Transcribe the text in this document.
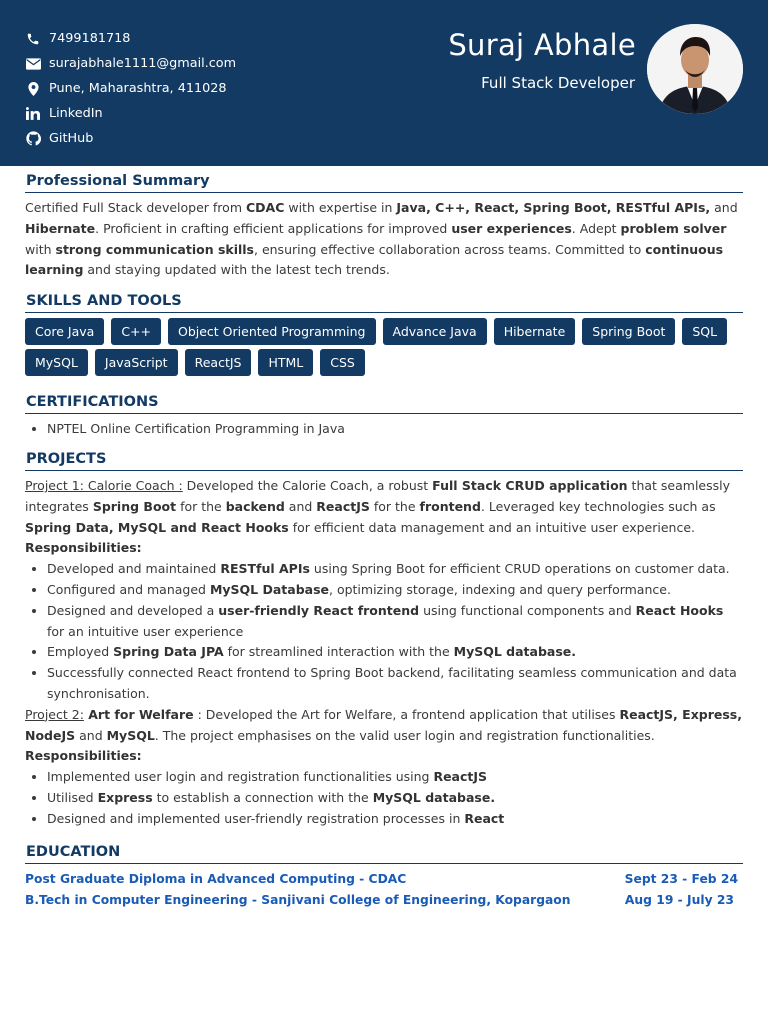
7499181718
surajabhale1111@gmail.com
Pune, Maharashtra, 411028
LinkedIn
GitHub
Suraj Abhale
Full Stack Developer
Professional Summary
Certified Full Stack developer from CDAC with expertise in Java, C++, React, Spring Boot, RESTful APIs, and Hibernate. Proficient in crafting efficient applications for improved user experiences. Adept problem solver with strong communication skills, ensuring effective collaboration across teams. Committed to continuous learning and staying updated with the latest tech trends.
SKILLS AND TOOLS
Core Java	C++	Object Oriented Programming	Advance Java	Hibernate	Spring Boot	SQL
MySQL	JavaScript	ReactJS	HTML	CSS
CERTIFICATIONS
• NPTEL Online Certification Programming in Java
PROJECTS
Project 1: Calorie Coach : Developed the Calorie Coach, a robust Full Stack CRUD application that seamlessly integrates Spring Boot for the backend and ReactJS for the frontend. Leveraged key technologies such as Spring Data, MySQL and React Hooks for efficient data management and an intuitive user experience.
Responsibilities:
• Developed and maintained RESTful APIs using Spring Boot for efficient CRUD operations on customer data.
• Configured and managed MySQL Database, optimizing storage, indexing and query performance.
• Designed and developed a user-friendly React frontend using functional components and React Hooks for an intuitive user experience
• Employed Spring Data JPA for streamlined interaction with the MySQL database.
• Successfully connected React frontend to Spring Boot backend, facilitating seamless communication and data synchronisation.
Project 2: Art for Welfare : Developed the Art for Welfare, a frontend application that utilises ReactJS, Express, NodeJS and MySQL. The project emphasises on the valid user login and registration functionalities.
Responsibilities:
• Implemented user login and registration functionalities using ReactJS
• Utilised Express to establish a connection with the MySQL database.
• Designed and implemented user-friendly registration processes in React
EDUCATION
Post Graduate Diploma in Advanced Computing - CDAC	Sept 23 - Feb 24
B.Tech in Computer Engineering - Sanjivani College of Engineering, Kopargaon	Aug 19 - July 23
